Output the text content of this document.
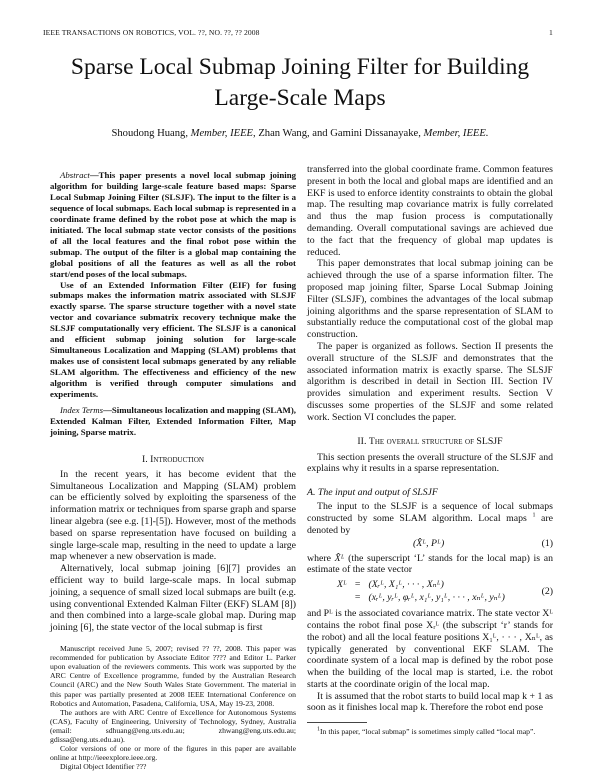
IEEE TRANSACTIONS ON ROBOTICS, VOL. ??, NO. ??, ?? 2008	1
Sparse Local Submap Joining Filter for Building
Large-Scale Maps
Shoudong Huang, Member, IEEE, Zhan Wang, and Gamini Dissanayake, Member, IEEE.

Abstract—This paper presents a novel local submap joining algorithm for building large-scale feature based maps: Sparse Local Submap Joining Filter (SLSJF). The input to the filter is a sequence of local submaps. Each local submap is represented in a coordinate frame defined by the robot pose at which the map is initiated. The local submap state vector consists of the positions of all the local features and the final robot pose within the submap. The output of the filter is a global map containing the global positions of all the features as well as all the robot start/end poses of the local submaps.

Use of an Extended Information Filter (EIF) for fusing submaps makes the information matrix associated with SLSJF exactly sparse. The sparse structure together with a novel state vector and covariance submatrix recovery technique make the SLSJF computationally very efficient. The SLSJF is a canonical and efficient submap joining solution for large-scale Simultaneous Localization and Mapping (SLAM) problems that makes use of consistent local submaps generated by any reliable SLAM algorithm. The effectiveness and efficiency of the new algorithm is verified through computer simulations and experiments.

Index Terms—Simultaneous localization and mapping (SLAM), Extended Kalman Filter, Extended Information Filter, Map joining, Sparse matrix.

I. Introduction

In the recent years, it has become evident that the Simultaneous Localization and Mapping (SLAM) problem can be efficiently solved by exploiting the sparseness of the information matrix or techniques from sparse graph and sparse linear algebra (see e.g. [1]-[5]). However, most of the methods based on sparse representation have focused on building a single large-scale map, resulting in the need to update a large map whenever a new observation is made.

Alternatively, local submap joining [6][7] provides an efficient way to build large-scale maps. In local submap joining, a sequence of small sized local submaps are built (e.g. using conventional Extended Kalman Filter (EKF) SLAM [8]) and then combined into a large-scale global map. During map joining [6], the state vector of the local submap is first

Manuscript received June 5, 2007; revised ?? ??, 2008. This paper was recommended for publication by Associate Editor ???? and Editor L. Parker upon evaluation of the reviewers comments. This work was supported by the ARC Centre of Excellence programme, funded by the Australian Research Council (ARC) and the New South Wales State Government. The material in this paper was partially presented at 2008 IEEE International Conference on Robotics and Automation, Pasadena, California, USA, May 19-23, 2008.

The authors are with ARC Centre of Excellence for Autonomous Systems (CAS), Faculty of Engineering, University of Technology, Sydney, Australia (email: sdhuang@eng.uts.edu.au; zhwang@eng.uts.edu.au; gdissa@eng.uts.edu.au).

Color versions of one or more of the figures in this paper are available online at http://ieeexplore.ieee.org.

Digital Object Identifier ???

transferred into the global coordinate frame. Common features present in both the local and global maps are identified and an EKF is used to enforce identity constraints to obtain the global map. The resulting map covariance matrix is fully correlated and thus the map fusion process is computationally demanding. Overall computational savings are achieved due to the fact that the frequency of global map updates is reduced.

This paper demonstrates that local submap joining can be achieved through the use of a sparse information filter. The proposed map joining filter, Sparse Local Submap Joining Filter (SLSJF), combines the advantages of the local submap joining algorithms and the sparse representation of SLAM to substantially reduce the computational cost of the global map construction.

The paper is organized as follows. Section II presents the overall structure of the SLSJF and demonstrates that the associated information matrix is exactly sparse. The SLSJF algorithm is described in detail in Section III. Section IV provides simulation and experiment results. Section V discusses some properties of the SLSJF and some related work. Section VI concludes the paper.

II. The overall structure of SLSJF

This section presents the overall structure of the SLSJF and explains why it results in a sparse representation.

A. The input and output of SLSJF

The input to the SLSJF is a sequence of local submaps constructed by some SLAM algorithm. Local maps $^1$ are denoted by

(X̂ᴸ, Pᴸ)	(1)

where X̂ᴸ (the superscript ‘L’ stands for the local map) is an estimate of the state vector

Xᴸ = (Xᵣᴸ, X₁ᴸ, · · · , Xₙᴸ)
= (xᵣᴸ, yᵣᴸ, φᵣᴸ, x₁ᴸ, y₁ᴸ, · · · , xₙᴸ, yₙᴸ)
(2)

and Pᴸ is the associated covariance matrix. The state vector Xᴸ contains the robot final pose Xᵣᴸ (the subscript ‘r’ stands for the robot) and all the local feature positions X₁ᴸ, · · · , Xₙᴸ, as typically generated by conventional EKF SLAM. The coordinate system of a local map is defined by the robot pose when the building of the local map is started, i.e. the robot starts at the coordinate origin of the local map.

It is assumed that the robot starts to build local map k + 1 as soon as it finishes local map k. Therefore the robot end pose

$^1$In this paper, “local submap” is sometimes simply called “local map”.
